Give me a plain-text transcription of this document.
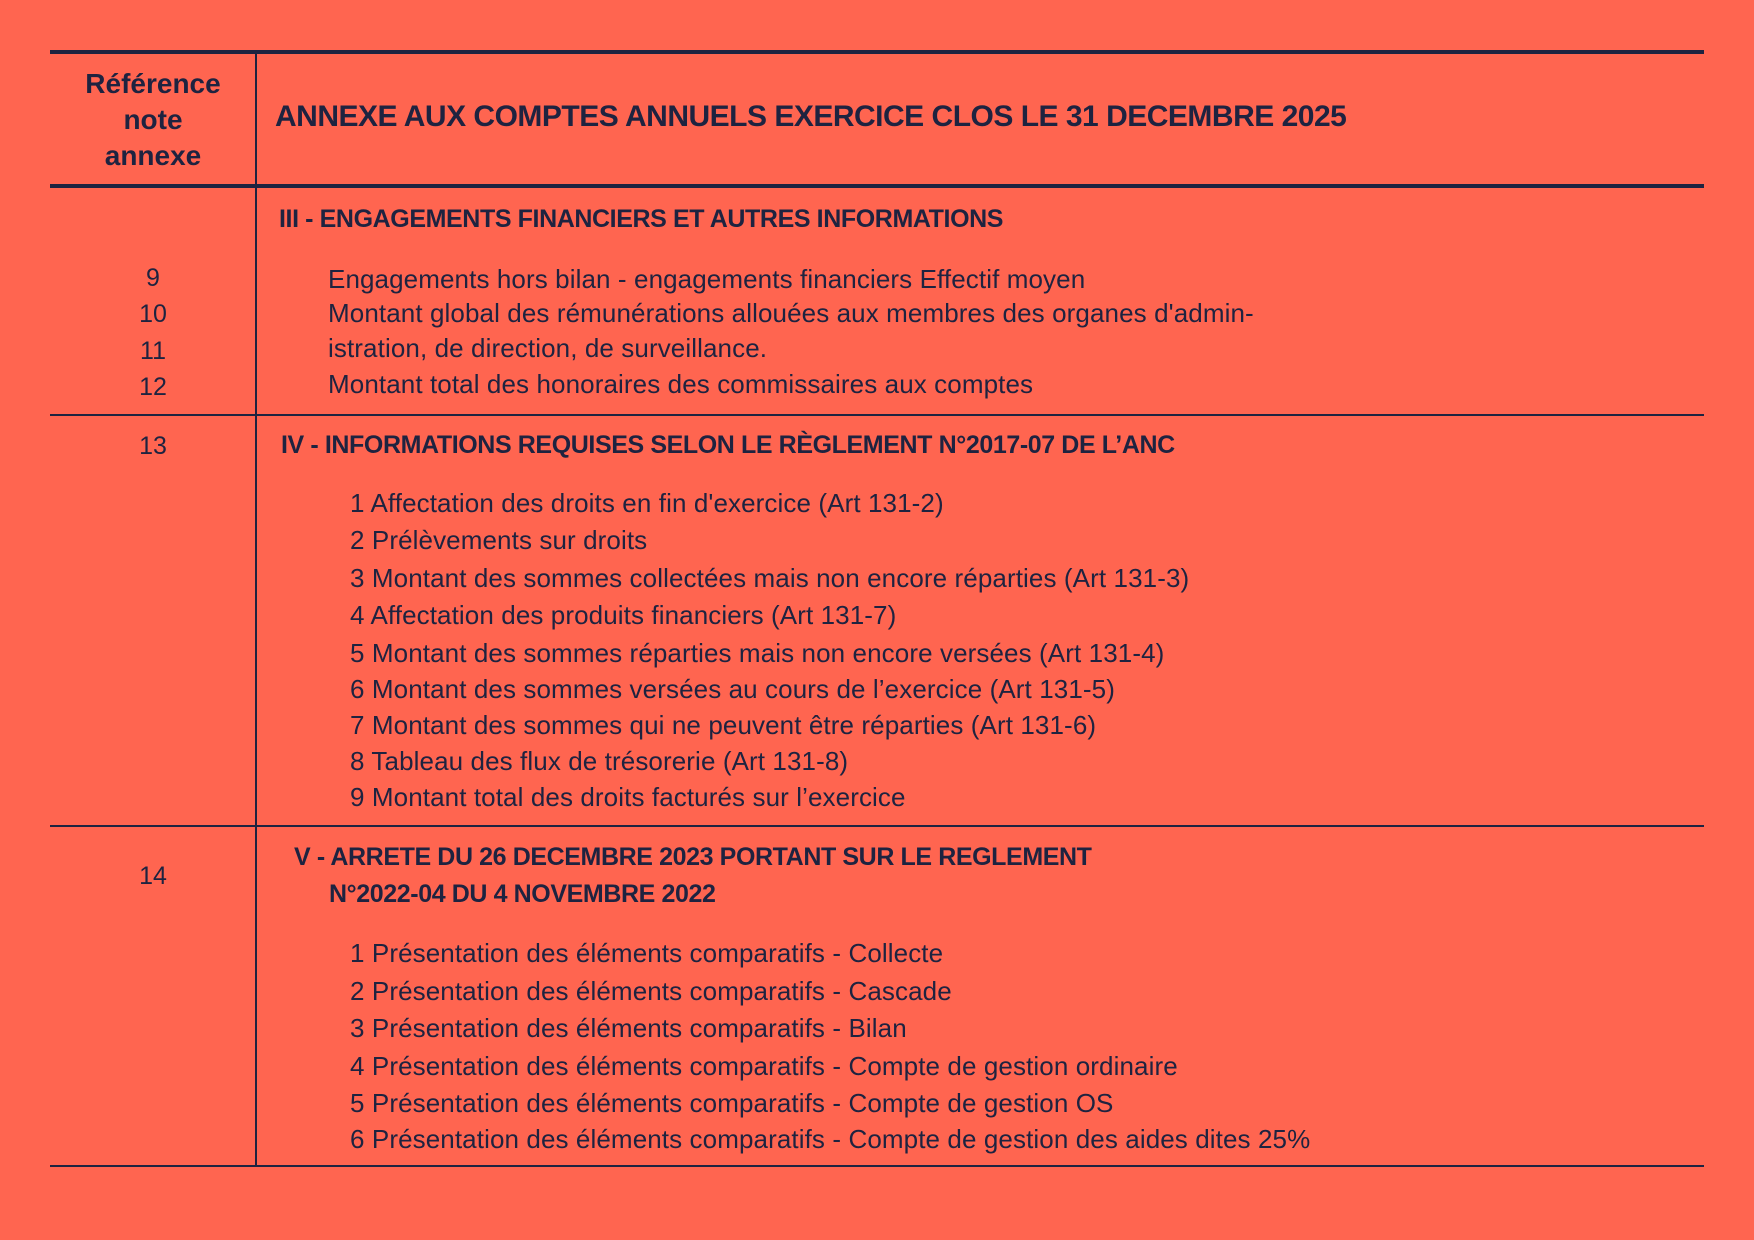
Référence
note
annexe
ANNEXE AUX COMPTES ANNUELS EXERCICE CLOS LE 31 DECEMBRE 2025
III - ENGAGEMENTS FINANCIERS ET AUTRES INFORMATIONS
9
10
11
12
Engagements hors bilan - engagements financiers Effectif moyen
Montant global des rémunérations allouées aux membres des organes d'admin-
istration, de direction, de surveillance.
Montant total des honoraires des commissaires aux comptes
13	IV - INFORMATIONS REQUISES SELON LE RÈGLEMENT N°2017-07 DE L’ANC
1 Affectation des droits en fin d'exercice (Art 131-2)
2 Prélèvements sur droits
3 Montant des sommes collectées mais non encore réparties (Art 131-3)
4 Affectation des produits financiers (Art 131-7)
5 Montant des sommes réparties mais non encore versées (Art 131-4)
6 Montant des sommes versées au cours de l’exercice (Art 131-5)
7 Montant des sommes qui ne peuvent être réparties (Art 131-6)
8 Tableau des flux de trésorerie (Art 131-8)
9 Montant total des droits facturés sur l’exercice
14
V - ARRETE DU 26 DECEMBRE 2023 PORTANT SUR LE REGLEMENT
N°2022-04 DU 4 NOVEMBRE 2022
1 Présentation des éléments comparatifs - Collecte
2 Présentation des éléments comparatifs - Cascade
3 Présentation des éléments comparatifs - Bilan
4 Présentation des éléments comparatifs - Compte de gestion ordinaire
5 Présentation des éléments comparatifs - Compte de gestion OS
6 Présentation des éléments comparatifs - Compte de gestion des aides dites 25%
